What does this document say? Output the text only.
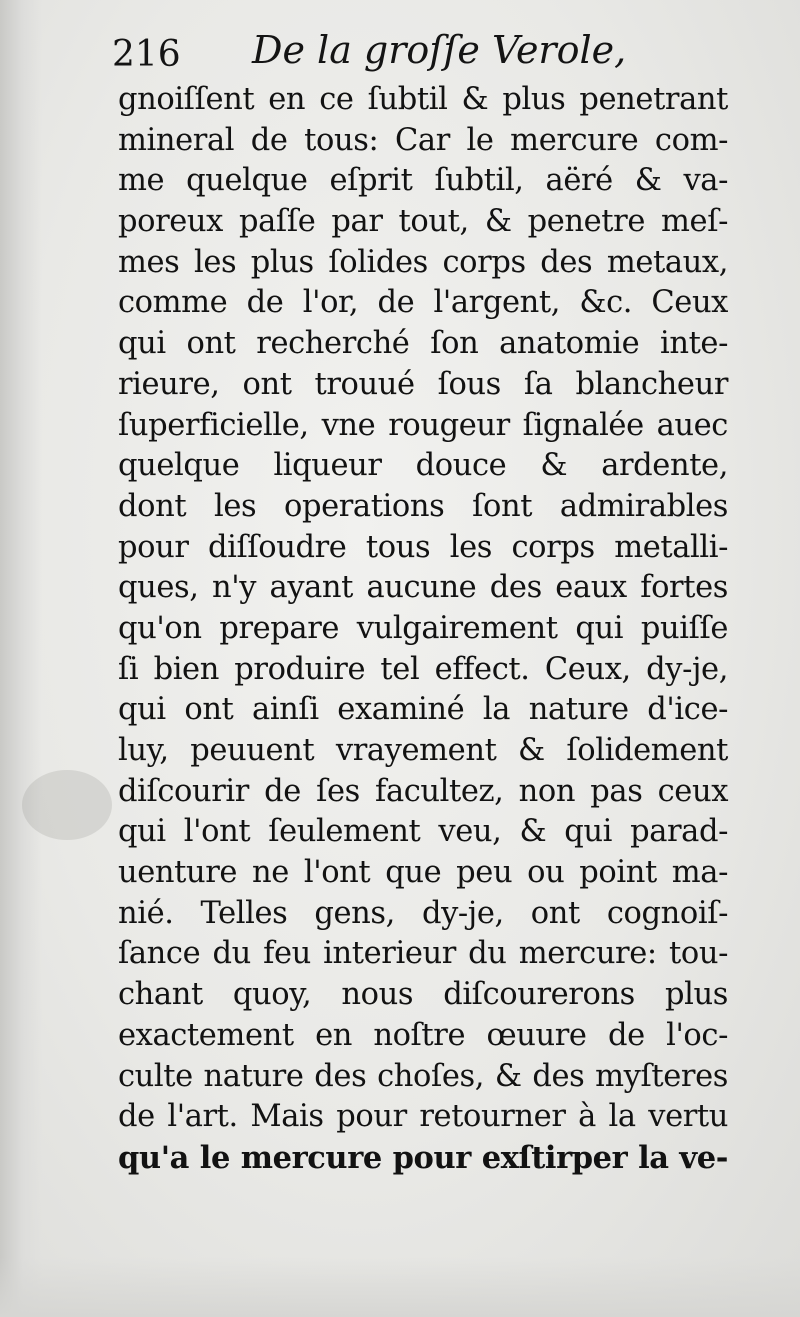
216 De la groſſe Verole,
gnoiſſent en ce ſubtil & plus penetrant
mineral de tous: Car le mercure com-
me quelque eſprit ſubtil, aëré & va-
poreux paſſe par tout, & penetre meſ-
mes les plus ſolides corps des metaux,
comme de l'or, de l'argent, &c. Ceux
qui ont recherché ſon anatomie inte-
rieure, ont trouué ſous ſa blancheur
ſuperficielle, vne rougeur ſignalée auec
quelque liqueur douce & ardente,
dont les operations ſont admirables
pour diſſoudre tous les corps metalli-
ques, n'y ayant aucune des eaux fortes
qu'on prepare vulgairement qui puiſſe
ſi bien produire tel effect. Ceux, dy-je,
qui ont ainſi examiné la nature d'ice-
luy, peuuent vrayement & ſolidement
diſcourir de ſes facultez, non pas ceux
qui l'ont ſeulement veu, & qui parad-
uenture ne l'ont que peu ou point ma-
nié. Telles gens, dy-je, ont cognoiſ-
ſance du feu interieur du mercure: tou-
chant quoy, nous diſcourerons plus
exactement en noſtre œuure de l'oc-
culte nature des choſes, & des myſteres
de l'art. Mais pour retourner à la vertu
qu'a le mercure pour exſtirper la ve-
